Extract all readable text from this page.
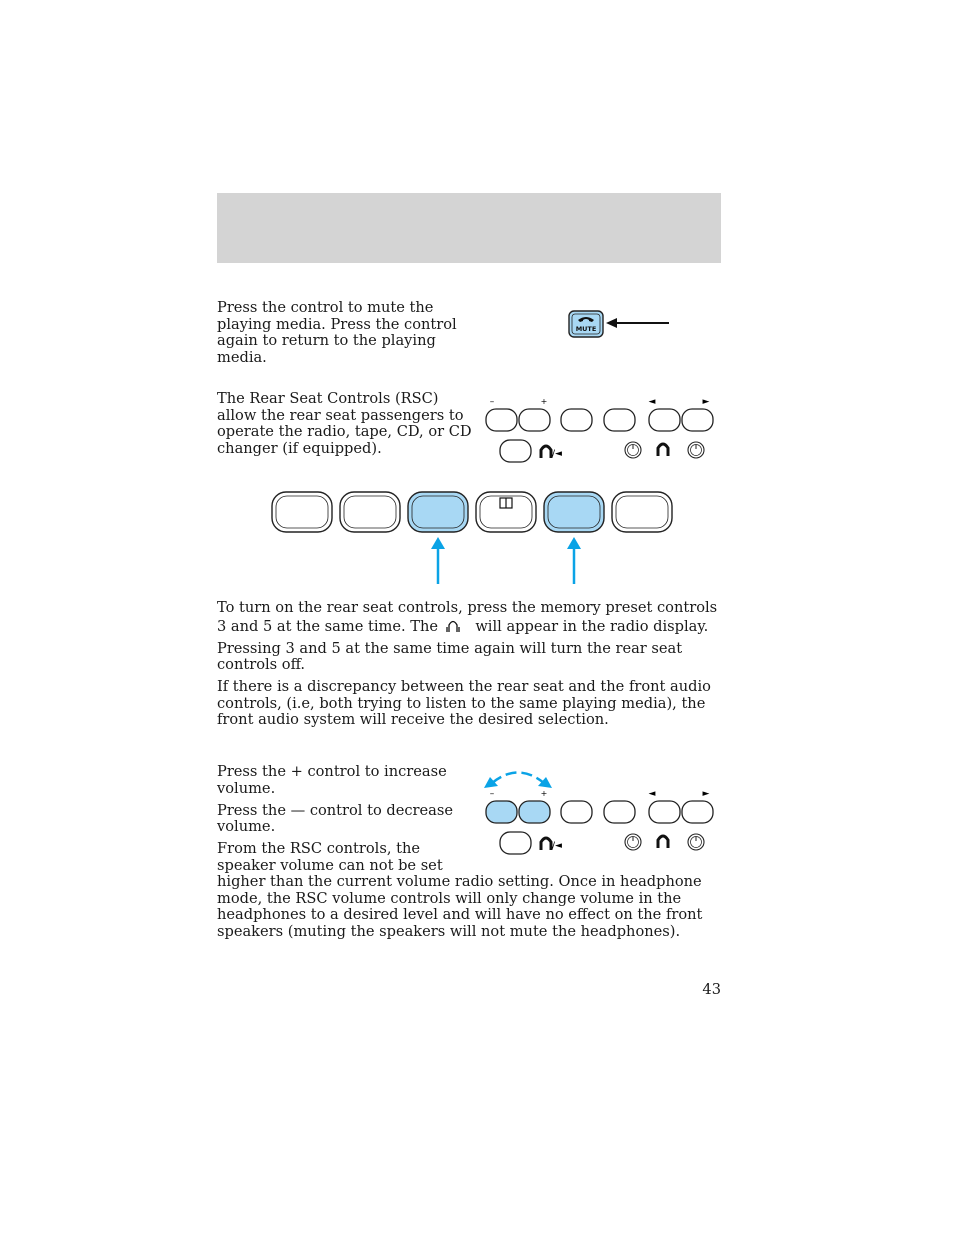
Press the control to mute the playing media. Press the control again to return to the playing media.

MUTE

The Rear Seat Controls (RSC) allow the rear seat passengers to operate the radio, tape, CD, or CD changer (if equipped).

–	+	◄	►
/◄

To turn on the rear seat controls, press the memory preset controls 3 and 5 at the same time. The	will appear in the radio display.

Pressing 3 and 5 at the same time again will turn the rear seat controls off.

If there is a discrepancy between the rear seat and the front audio controls, (i.e, both trying to listen to the same playing media), the front audio system will receive the desired selection.

Press the + control to increase volume.

Press the — control to decrease volume.

From the RSC controls, the speaker volume can not be set higher than the current volume radio setting. Once in headphone mode, the RSC volume controls will only change volume in the headphones to a desired level and will have no effect on the front speakers (muting the speakers will not mute the headphones).

–	+	◄	►
/◄
43
